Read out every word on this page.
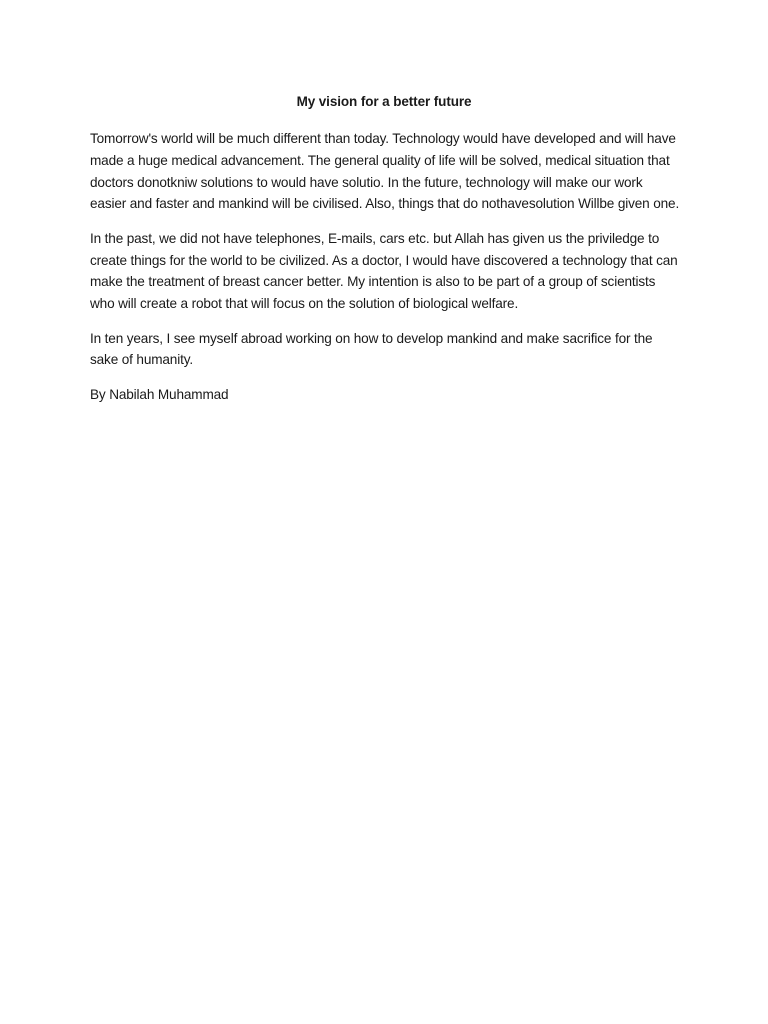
My vision for a better future

Tomorrow's world will be much different than today. Technology would have developed and will have made a huge medical advancement. The general quality of life will be solved, medical situation that doctors donotkniw solutions to would have solutio. In the future, technology will make our work easier and faster and mankind will be civilised. Also, things that do nothavesolution Willbe given one.

In the past, we did not have telephones, E-mails, cars etc. but Allah has given us the priviledge to create things for the world to be civilized. As a doctor, I would have discovered a technology that can make the treatment of breast cancer better. My intention is also to be part of a group of scientists who will create a robot that will focus on the solution of biological welfare.

In ten years, I see myself abroad working on how to develop mankind and make sacrifice for the sake of humanity.

By Nabilah Muhammad
